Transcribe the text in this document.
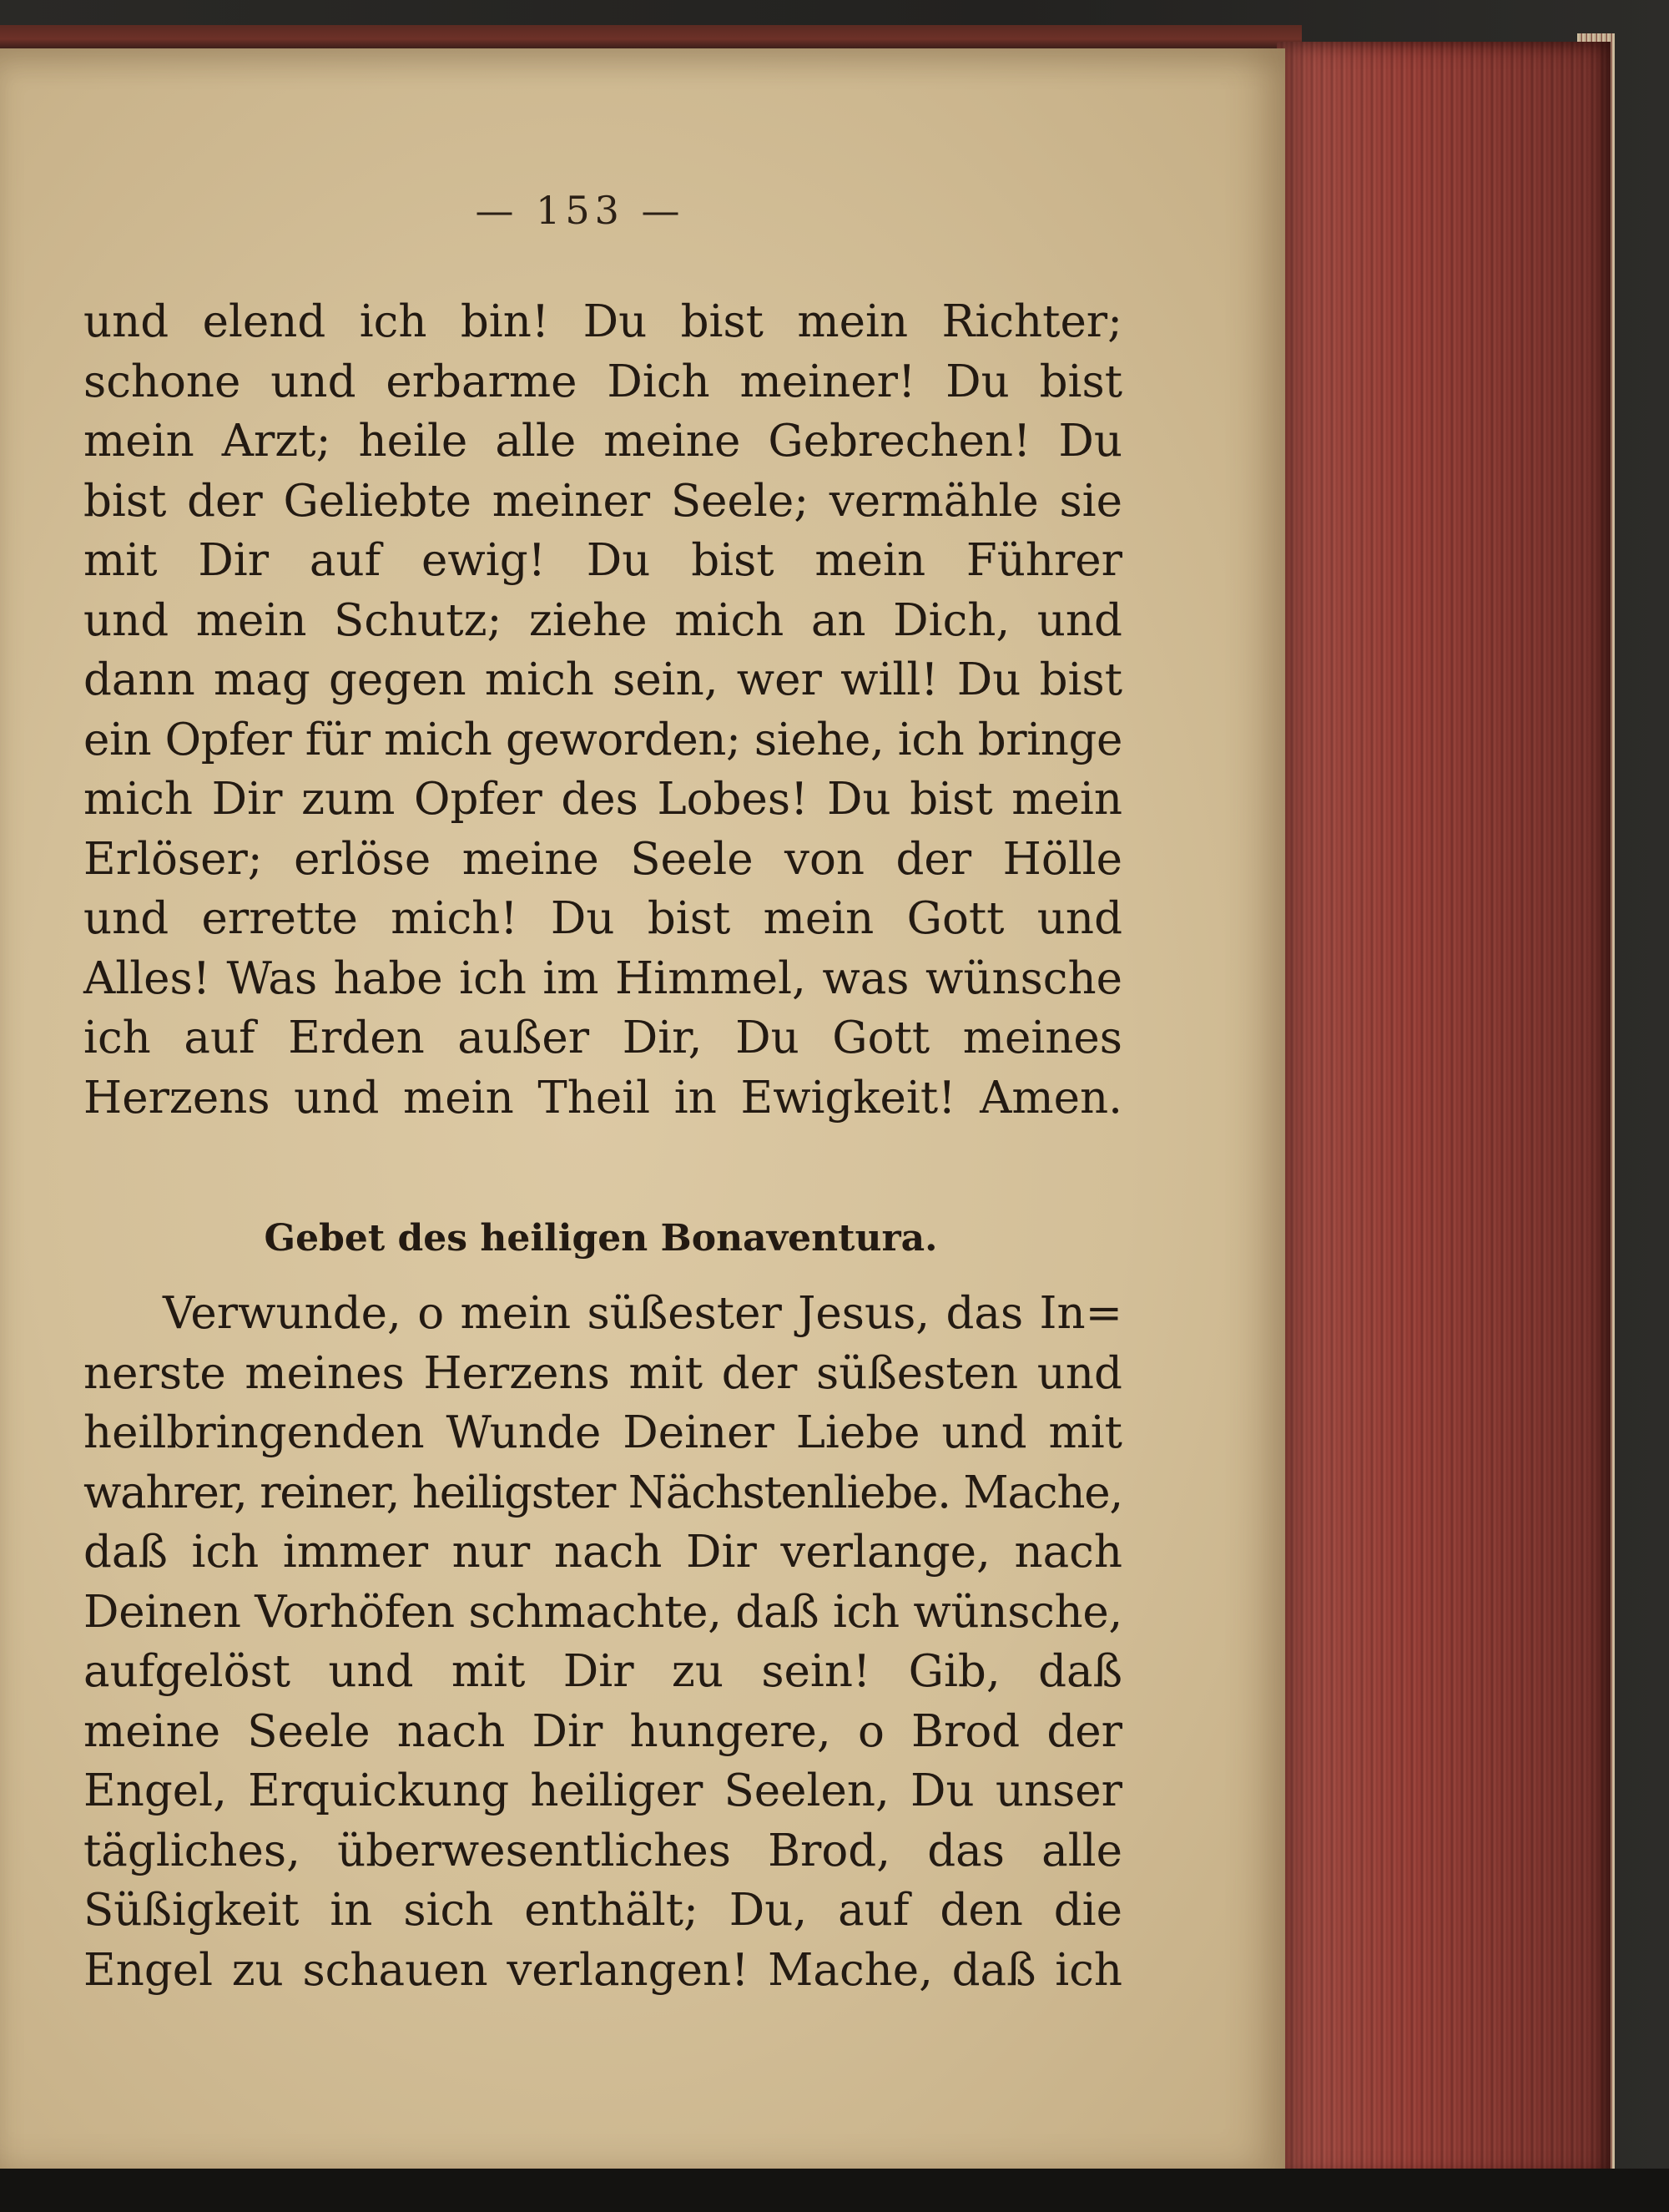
— 153 —
und elend ich bin! Du bist mein Richter;
schone und erbarme Dich meiner! Du bist
mein Arzt; heile alle meine Gebrechen! Du
bist der Geliebte meiner Seele; vermähle sie
mit Dir auf ewig! Du bist mein Führer
und mein Schutz; ziehe mich an Dich, und
dann mag gegen mich sein, wer will! Du bist
ein Opfer für mich geworden; siehe, ich bringe
mich Dir zum Opfer des Lobes! Du bist mein
Erlöser; erlöse meine Seele von der Hölle
und errette mich! Du bist mein Gott und
Alles! Was habe ich im Himmel, was wünsche
ich auf Erden außer Dir, Du Gott meines
Herzens und mein Theil in Ewigkeit! Amen.
Gebet des heiligen Bonaventura.
Verwunde, o mein süßester Jesus, das In=
nerste meines Herzens mit der süßesten und
heilbringenden Wunde Deiner Liebe und mit
wahrer, reiner, heiligster Nächstenliebe. Mache,
daß ich immer nur nach Dir verlange, nach
Deinen Vorhöfen schmachte, daß ich wünsche,
aufgelöst und mit Dir zu sein! Gib, daß
meine Seele nach Dir hungere, o Brod der
Engel, Erquickung heiliger Seelen, Du unser
tägliches, überwesentliches Brod, das alle
Süßigkeit in sich enthält; Du, auf den die
Engel zu schauen verlangen! Mache, daß ich
